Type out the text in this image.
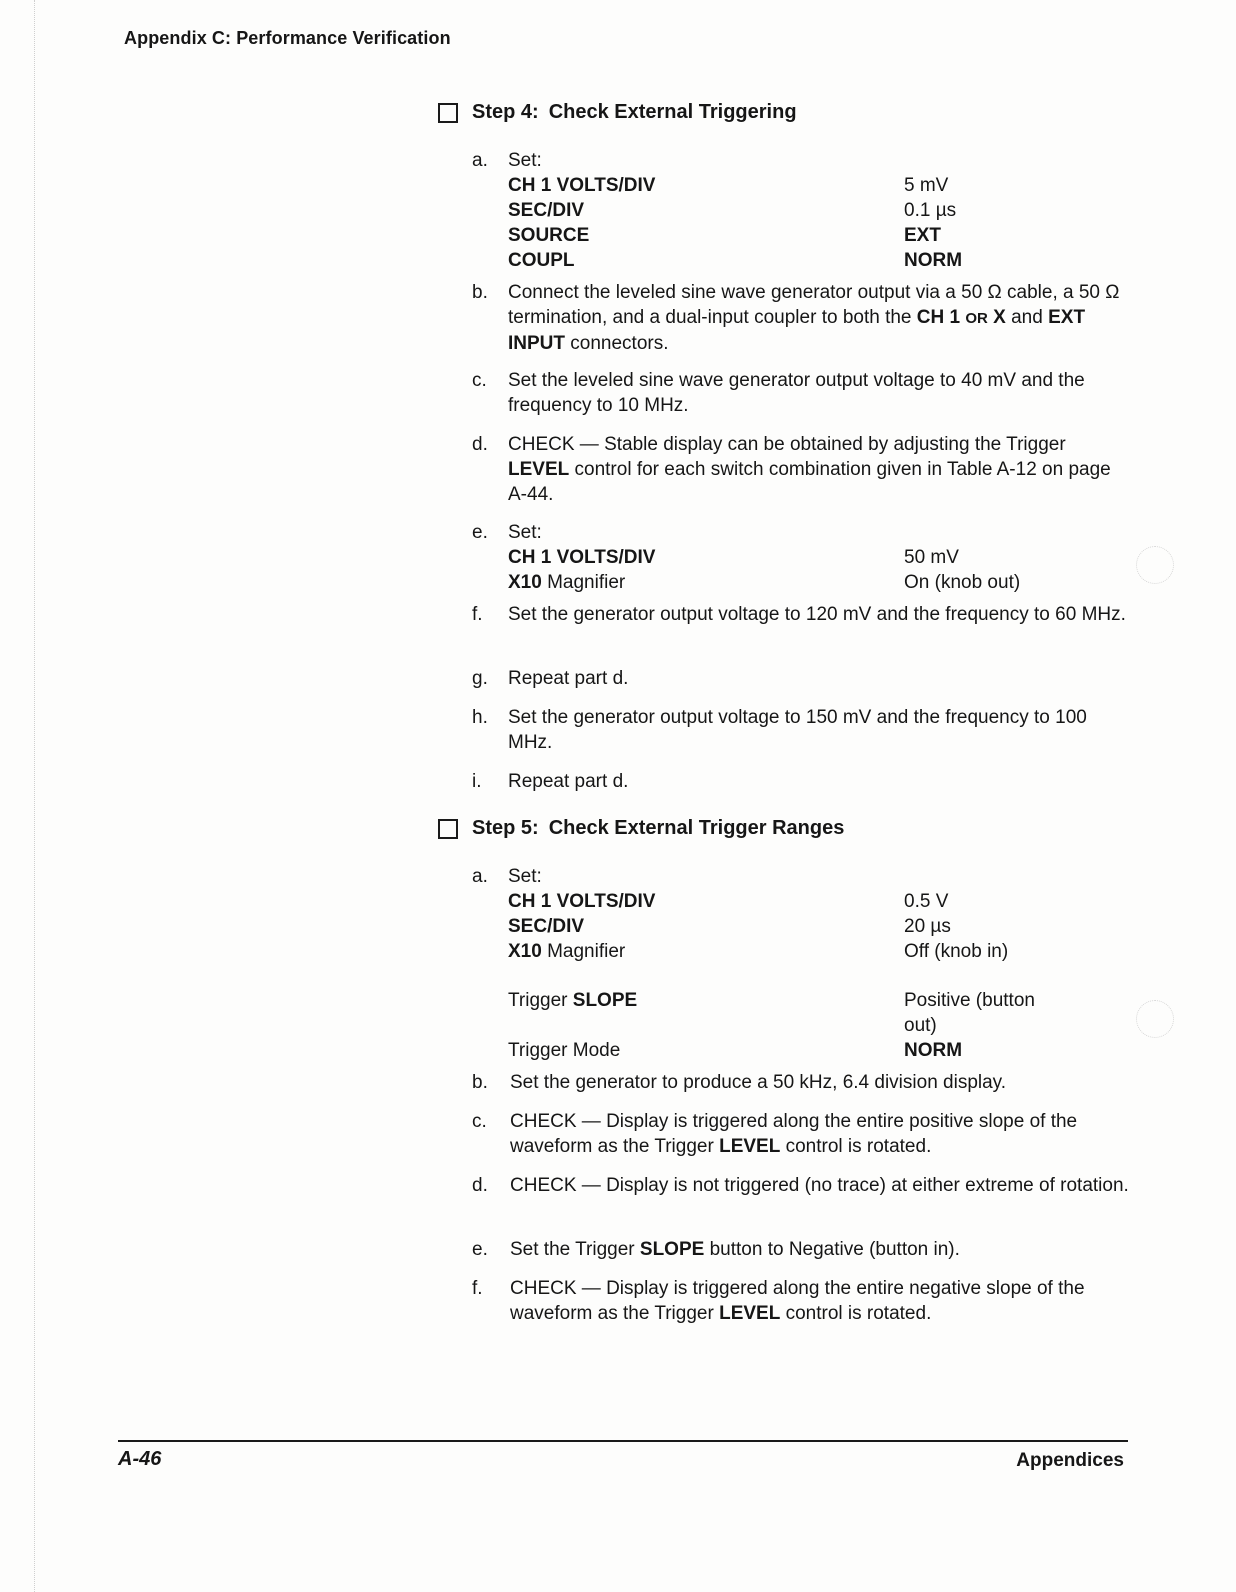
Appendix C: Performance Verification
Step 4: Check External Triggering
a.	Set:
CH 1 VOLTS/DIV	5 mV
SEC/DIV	0.1 µs
SOURCE	EXT
COUPL	NORM
b.	Connect the leveled sine wave generator output via a 50 Ω cable, a 50 Ω termination, and a dual-input coupler to both the CH 1 OR X and EXT INPUT connectors.
c.	Set the leveled sine wave generator output voltage to 40 mV and the frequency to 10 MHz.
d.	CHECK — Stable display can be obtained by adjusting the Trigger LEVEL control for each switch combination given in Table A-12 on page A-44.
e.	Set:
CH 1 VOLTS/DIV	50 mV
X10 Magnifier	On (knob out)
f.	Set the generator output voltage to 120 mV and the frequency to 60 MHz.
g.	Repeat part d.
h.	Set the generator output voltage to 150 mV and the frequency to 100 MHz.
i.	Repeat part d.
Step 5: Check External Trigger Ranges
a.	Set:
CH 1 VOLTS/DIV	0.5 V
SEC/DIV	20 µs
X10 Magnifier	Off (knob in)
Trigger SLOPE	Positive (button
out)
Trigger Mode	NORM
b.	Set the generator to produce a 50 kHz, 6.4 division display.
c.	CHECK — Display is triggered along the entire positive slope of the waveform as the Trigger LEVEL control is rotated.
d.	CHECK — Display is not triggered (no trace) at either extreme of rotation.
e.	Set the Trigger SLOPE button to Negative (button in).
f.	CHECK — Display is triggered along the entire negative slope of the waveform as the Trigger LEVEL control is rotated.
A-46	Appendices
